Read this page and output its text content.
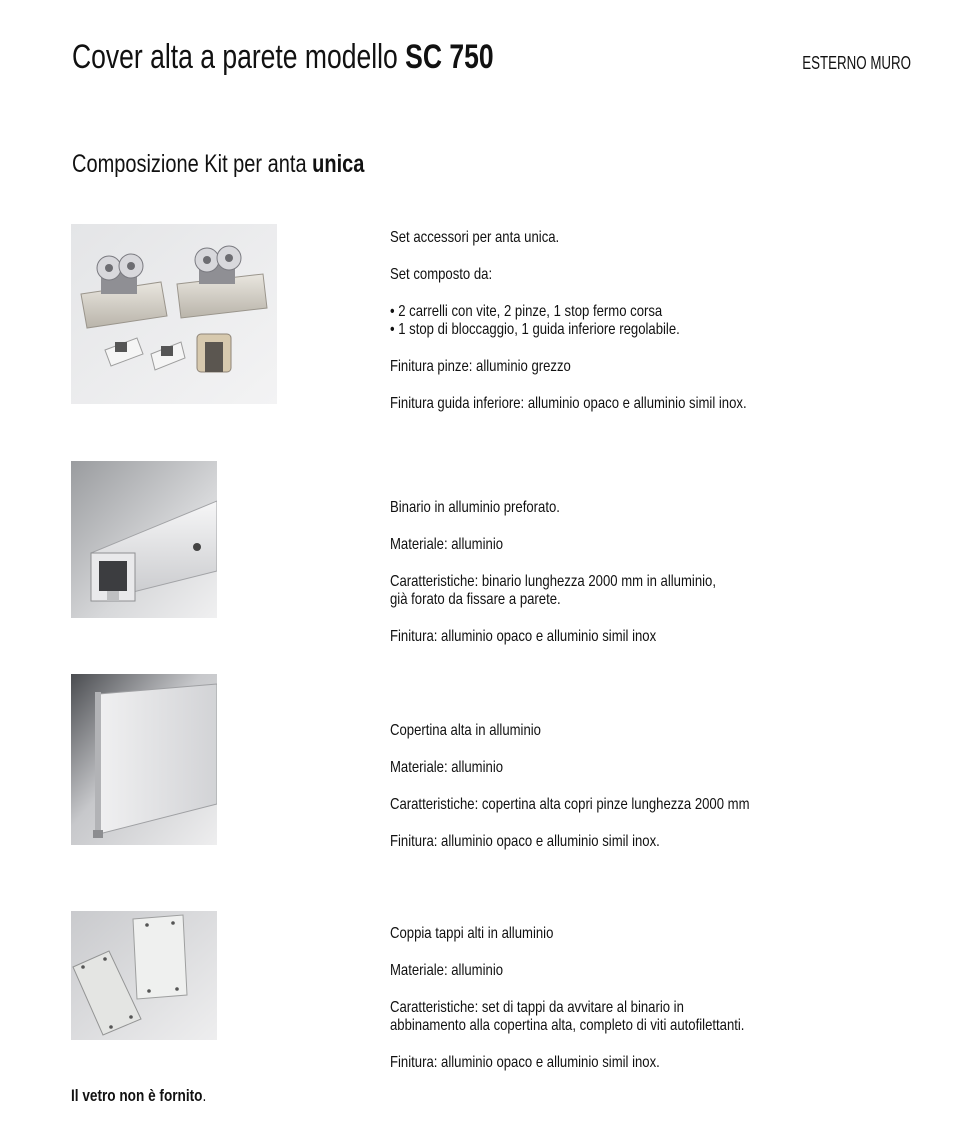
Cover alta a parete modello SC 750	ESTERNO MURO
Composizione Kit per anta unica

Set accessori per anta unica.

Set composto da:

• 2 carrelli con vite, 2 pinze, 1 stop fermo corsa

• 1 stop di bloccaggio, 1 guida inferiore regolabile.

Finitura pinze: alluminio grezzo

Finitura guida inferiore: alluminio opaco e alluminio simil inox.

Binario in alluminio preforato.

Materiale: alluminio

Caratteristiche: binario lunghezza 2000 mm in alluminio,

già forato da fissare a parete.

Finitura: alluminio opaco e alluminio simil inox

Copertina alta in alluminio

Materiale: alluminio

Caratteristiche: copertina alta copri pinze lunghezza 2000 mm

Finitura: alluminio opaco e alluminio simil inox.

Coppia tappi alti in alluminio

Materiale: alluminio

Caratteristiche: set di tappi da avvitare al binario in

abbinamento alla copertina alta, completo di viti autofilettanti.

Finitura: alluminio opaco e alluminio simil inox.

Il vetro non è fornito.
